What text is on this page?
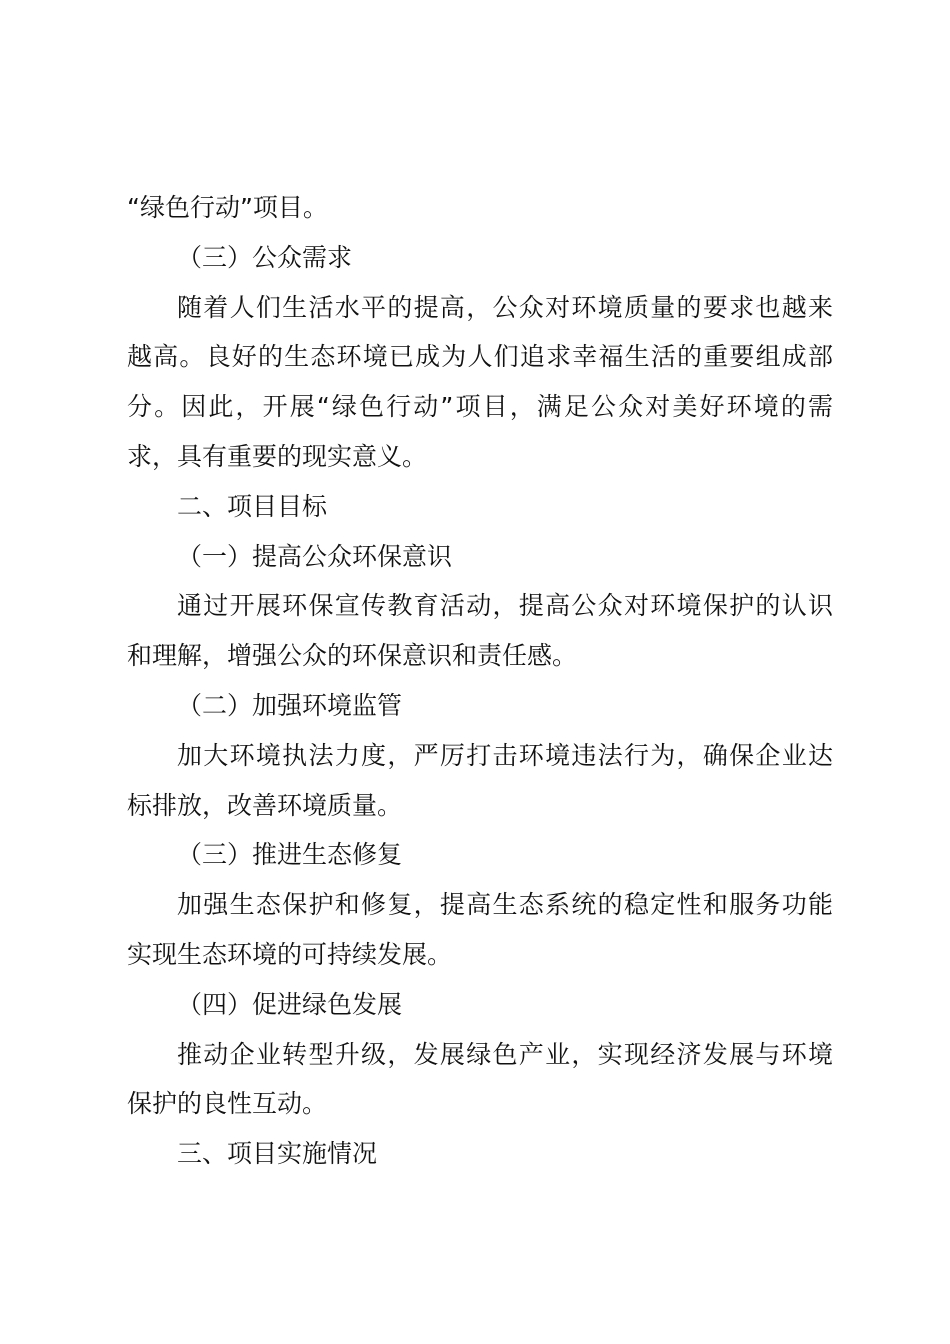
“绿色行动”项目。
（三）公众需求
随着人们生活水平的提高，公众对环境质量的要求也越来
越高。良好的生态环境已成为人们追求幸福生活的重要组成部
分。因此，开展“绿色行动”项目，满足公众对美好环境的需
求，具有重要的现实意义。
二、项目目标
（一）提高公众环保意识
通过开展环保宣传教育活动，提高公众对环境保护的认识
和理解，增强公众的环保意识和责任感。
（二）加强环境监管
加大环境执法力度，严厉打击环境违法行为，确保企业达
标排放，改善环境质量。
（三）推进生态修复
加强生态保护和修复，提高生态系统的稳定性和服务功能
实现生态环境的可持续发展。
（四）促进绿色发展
推动企业转型升级，发展绿色产业，实现经济发展与环境
保护的良性互动。
三、项目实施情况
